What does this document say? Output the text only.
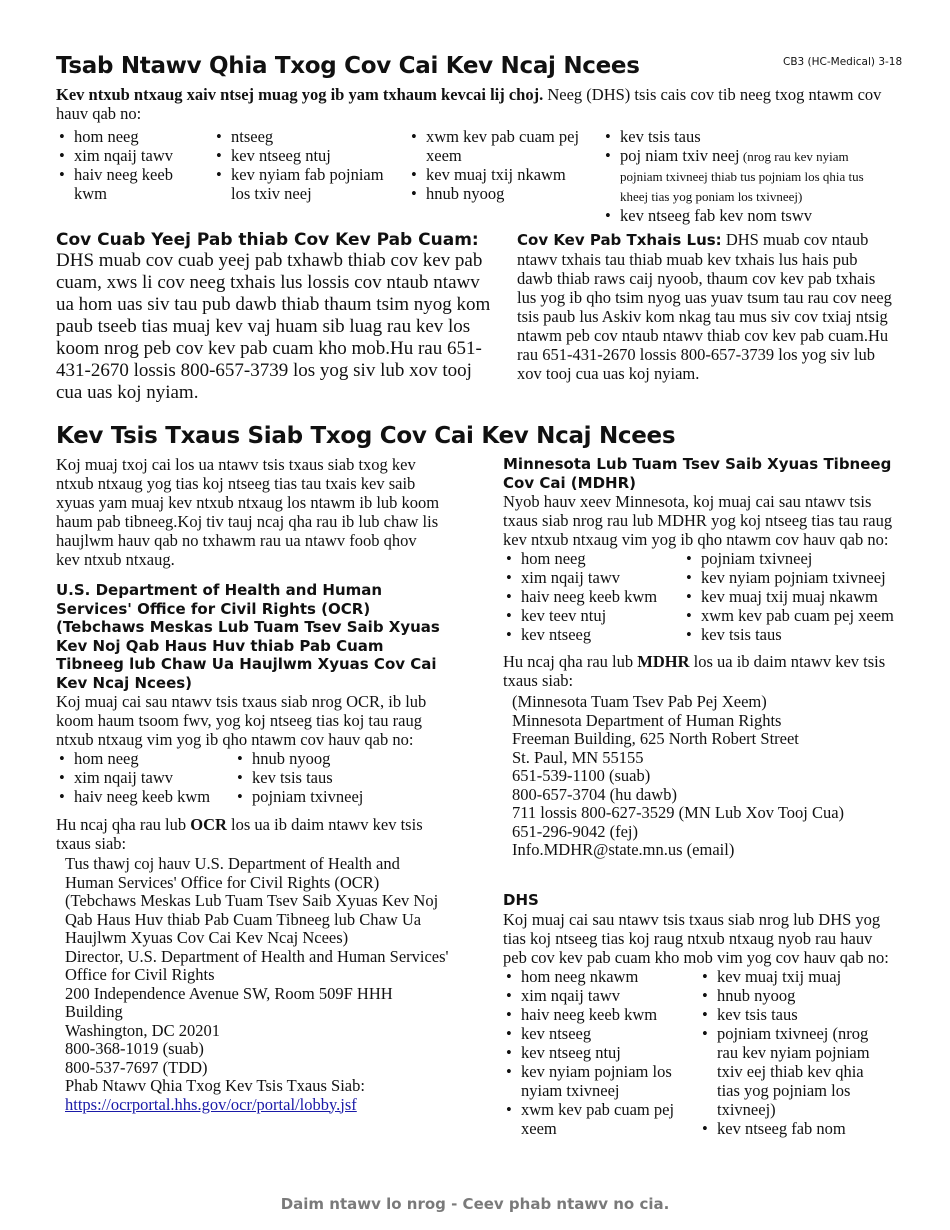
CB3 (HC-Medical) 3-18
Tsab Ntawv Qhia Txog Cov Cai Kev Ncaj Ncees

Kev ntxub ntxaug xaiv ntsej muag yog ib yam txhaum kevcai lij choj. Neeg (DHS) tsis cais cov tib neeg txog ntawm cov hauv qab no:

• hom neeg
• xim nqaij tawv
• haiv neeg keeb kwm
• ntseeg
• kev ntseeg ntuj
• kev nyiam fab pojniam los txiv neej
• xwm kev pab cuam pej xeem
• kev muaj txij nkawm
• hnub nyoog
• kev tsis taus
• poj niam txiv neej (nrog rau kev nyiam pojniam txivneej thiab tus pojniam los qhia tus kheej tias yog poniam los txivneej)
• kev ntseeg fab kev nom tswv
Cov Cuab Yeej Pab thiab Cov Kev Pab Cuam:

DHS muab cov cuab yeej pab txhawb thiab cov kev pab cuam, xws li cov neeg txhais lus lossis cov ntaub ntawv ua hom uas siv tau pub dawb thiab thaum tsim nyog kom paub tseeb tias muaj kev vaj huam sib luag rau kev los koom nrog peb cov kev pab cuam kho mob.Hu rau 651-431-2670 lossis 800-657-3739 los yog siv lub xov tooj cua uas koj nyiam.

Cov Kev Pab Txhais Lus: DHS muab cov ntaub ntawv txhais tau thiab muab kev txhais lus hais pub dawb thiab raws caij nyoob, thaum cov kev pab txhais lus yog ib qho tsim nyog uas yuav tsum tau rau cov neeg tsis paub lus Askiv kom nkag tau mus siv cov txiaj ntsig ntawm peb cov ntaub ntawv thiab cov kev pab cuam.Hu rau 651-431-2670 lossis 800-657-3739 los yog siv lub xov tooj cua uas koj nyiam.

Kev Tsis Txaus Siab Txog Cov Cai Kev Ncaj Ncees

Koj muaj txoj cai los ua ntawv tsis txaus siab txog kev ntxub ntxaug yog tias koj ntseeg tias tau txais kev saib xyuas yam muaj kev ntxub ntxaug los ntawm ib lub koom haum pab tibneeg.Koj tiv tauj ncaj qha rau ib lub chaw lis haujlwm hauv qab no txhawm rau ua ntawv foob qhov kev ntxub ntxaug.

U.S. Department of Health and Human Services' Office for Civil Rights (OCR) (Tebchaws Meskas Lub Tuam Tsev Saib Xyuas Kev Noj Qab Haus Huv thiab Pab Cuam Tibneeg lub Chaw Ua Haujlwm Xyuas Cov Cai Kev Ncaj Ncees)

Koj muaj cai sau ntawv tsis txaus siab nrog OCR, ib lub koom haum tsoom fwv, yog koj ntseeg tias koj tau raug ntxub ntxaug vim yog ib qho ntawm cov hauv qab no:

• hom neeg
• xim nqaij tawv
• haiv neeg keeb kwm
• hnub nyoog
• kev tsis taus
• pojniam txivneej

Hu ncaj qha rau lub OCR los ua ib daim ntawv kev tsis txaus siab:

Tus thawj coj hauv U.S. Department of Health and Human Services' Office for Civil Rights (OCR) (Tebchaws Meskas Lub Tuam Tsev Saib Xyuas Kev Noj Qab Haus Huv thiab Pab Cuam Tibneeg lub Chaw Ua Haujlwm Xyuas Cov Cai Kev Ncaj Ncees)
Director, U.S. Department of Health and Human Services' Office for Civil Rights
200 Independence Avenue SW, Room 509F HHH Building
Washington, DC 20201
800-368-1019 (suab)
800-537-7697 (TDD)
Phab Ntawv Qhia Txog Kev Tsis Txaus Siab:
https://ocrportal.hhs.gov/ocr/portal/lobby.jsf
Minnesota Lub Tuam Tsev Saib Xyuas Tibneeg Cov Cai (MDHR)

Nyob hauv xeev Minnesota, koj muaj cai sau ntawv tsis txaus siab nrog rau lub MDHR yog koj ntseeg tias tau raug kev ntxub ntxaug vim yog ib qho ntawm cov hauv qab no:

• hom neeg
• xim nqaij tawv
• haiv neeg keeb kwm
• kev teev ntuj
• kev ntseeg
• pojniam txivneej
• kev nyiam pojniam txivneej
• kev muaj txij muaj nkawm
• xwm kev pab cuam pej xeem
• kev tsis taus

Hu ncaj qha rau lub MDHR los ua ib daim ntawv kev tsis txaus siab:

(Minnesota Tuam Tsev Pab Pej Xeem)
Minnesota Department of Human Rights
Freeman Building, 625 North Robert Street
St. Paul, MN 55155
651-539-1100 (suab)
800-657-3704 (hu dawb)
711 lossis 800-627-3529 (MN Lub Xov Tooj Cua)
651-296-9042 (fej)
Info.MDHR@state.mn.us (email)
DHS

Koj muaj cai sau ntawv tsis txaus siab nrog lub DHS yog tias koj ntseeg tias koj raug ntxub ntxaug nyob rau hauv peb cov kev pab cuam kho mob vim yog cov hauv qab no:

• hom neeg nkawm
• xim nqaij tawv
• haiv neeg keeb kwm
• kev ntseeg
• kev ntseeg ntuj
• kev nyiam pojniam los nyiam txivneej
• xwm kev pab cuam pej xeem
• kev muaj txij muaj
• hnub nyoog
• kev tsis taus
• pojniam txivneej (nrog rau kev nyiam pojniam txiv eej thiab kev qhia tias yog pojniam los txivneej)
• kev ntseeg fab nom
Daim ntawv lo nrog - Ceev phab ntawv no cia.
